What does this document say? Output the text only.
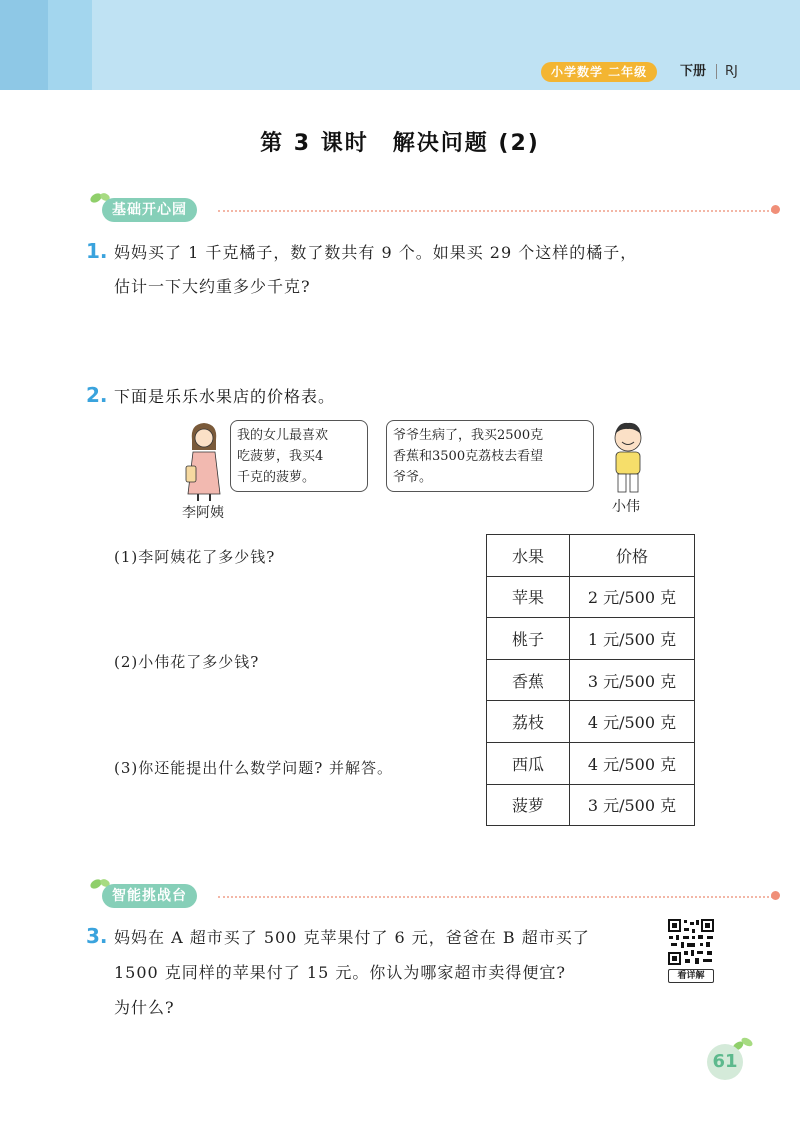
小学数学 二年级	下册 RJ
第 3 课时　解决问题 (2)
基础开心园
1. 妈妈买了 1 千克橘子，数了数共有 9 个。如果买 29 个这样的橘子，
估计一下大约重多少千克?
2. 下面是乐乐水果店的价格表。
李阿姨
我的女儿最喜欢
吃菠萝，我买4
千克的菠萝。
爷爷生病了，我买2500克
香蕉和3500克荔枝去看望
爷爷。
小伟
(1)李阿姨花了多少钱?
(2)小伟花了多少钱?
(3)你还能提出什么数学问题? 并解答。
水果	价格
苹果	2 元/500 克
桃子	1 元/500 克
香蕉	3 元/500 克
荔枝	4 元/500 克
西瓜	4 元/500 克
菠萝	3 元/500 克
智能挑战台
3. 妈妈在 A 超市买了 500 克苹果付了 6 元，爸爸在 B 超市买了
1500 克同样的苹果付了 15 元。你认为哪家超市卖得便宜?
为什么?
看详解
61
